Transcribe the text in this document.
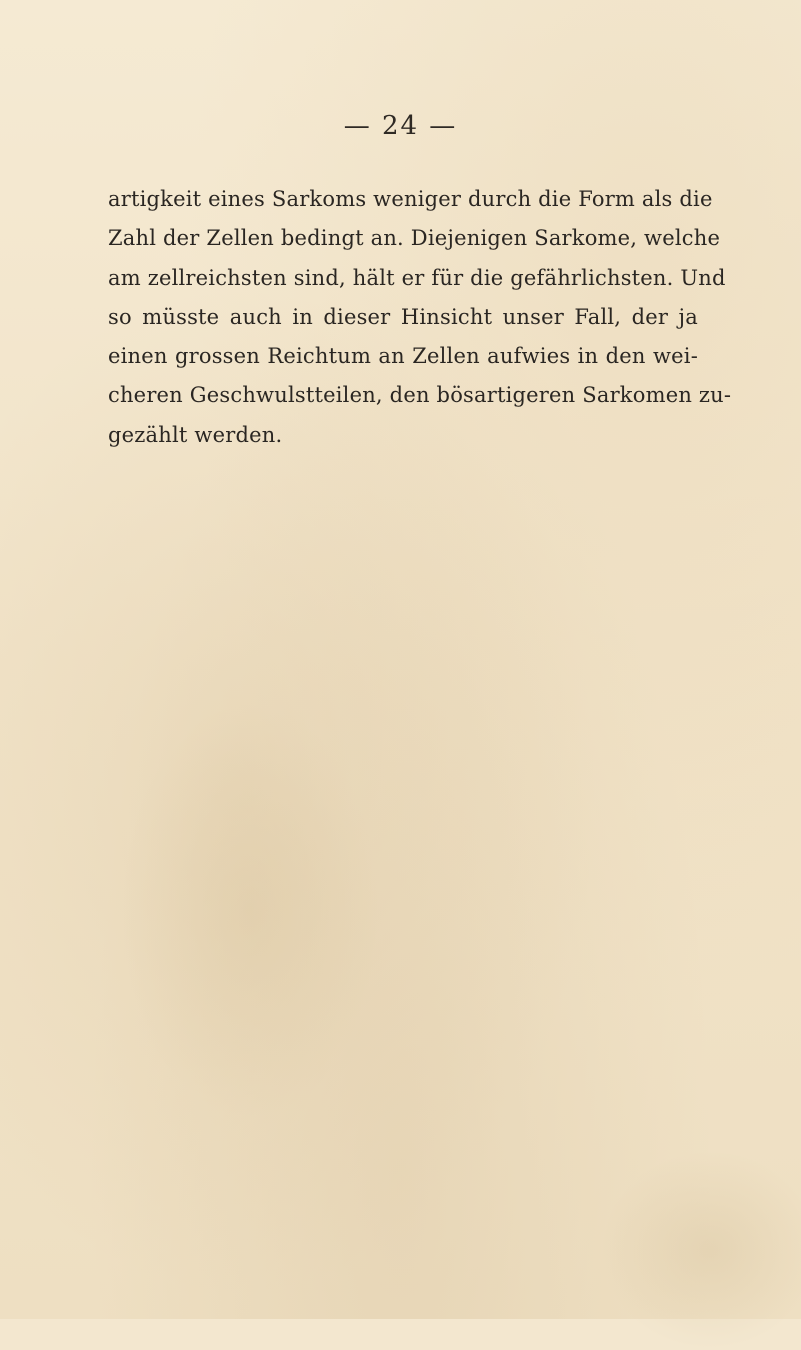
— 24 —
artigkeit eines Sarkoms weniger durch die Form als die
Zahl der Zellen bedingt an. Diejenigen Sarkome, welche
am zellreichsten sind, hält er für die gefährlichsten. Und
so müsste auch in dieser Hinsicht unser Fall, der ja
einen grossen Reichtum an Zellen aufwies in den wei-
cheren Geschwulstteilen, den bösartigeren Sarkomen zu-
gezählt werden.
